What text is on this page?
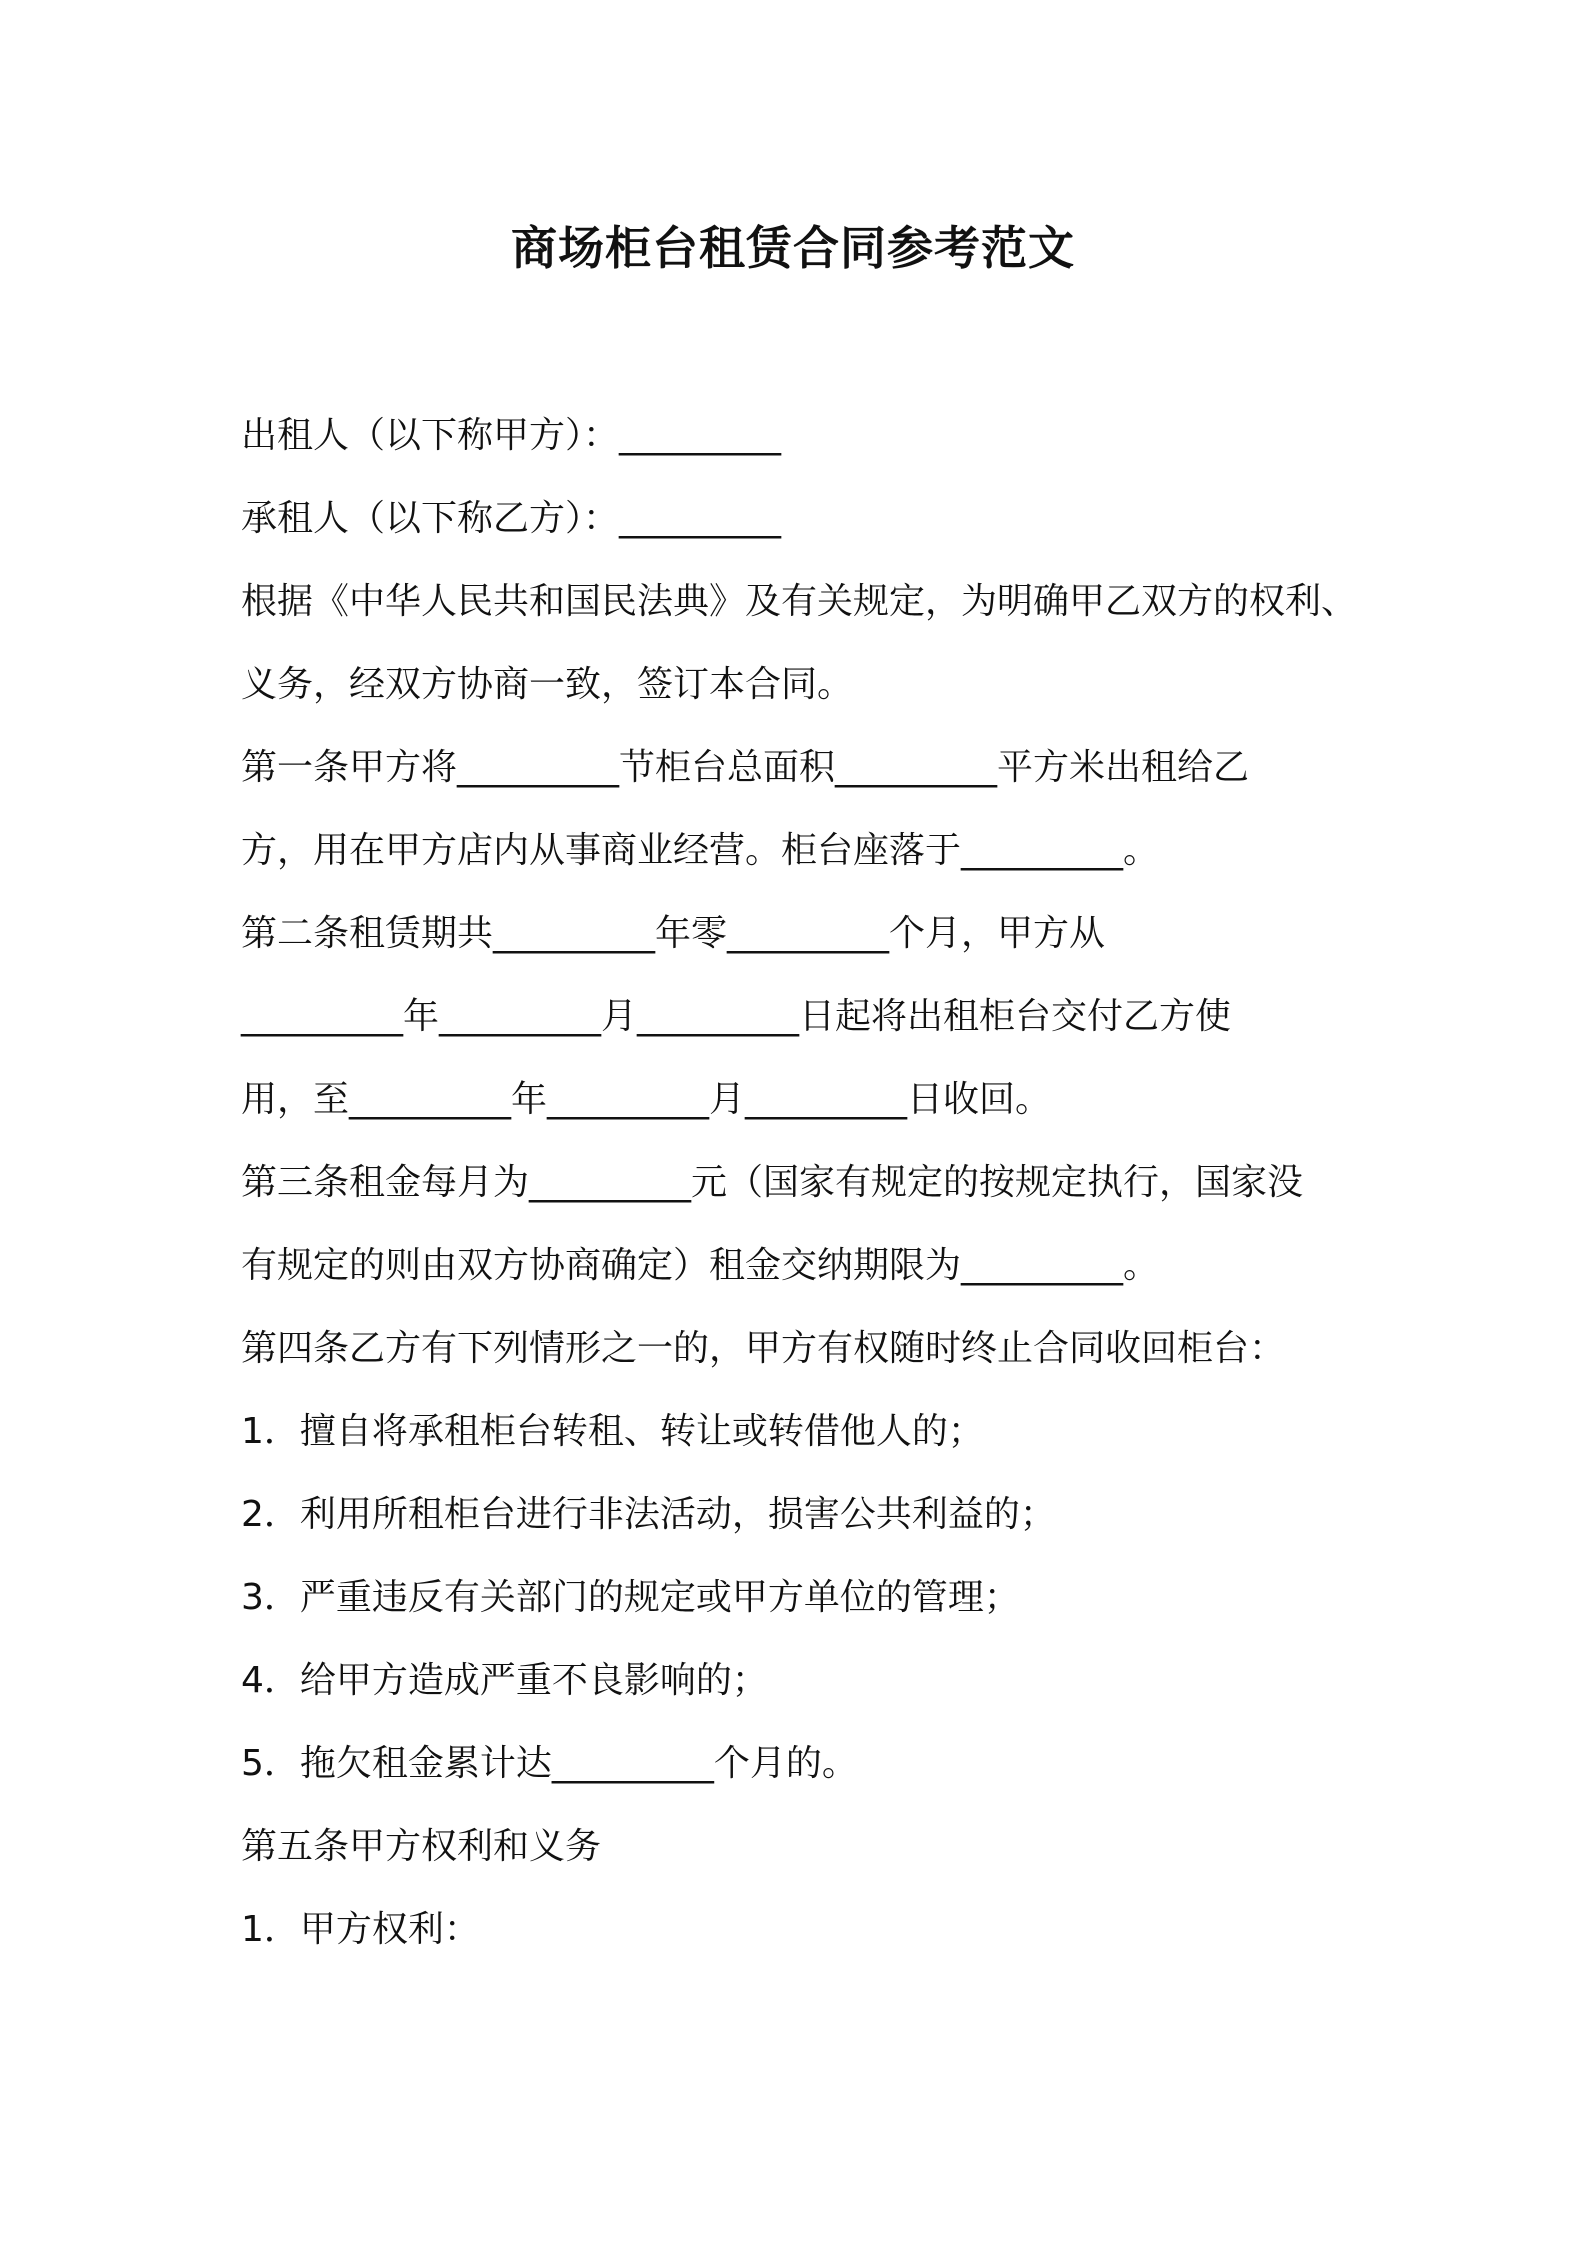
商场柜台租赁合同参考范文

出租人（以下称甲方）：_________

承租人（以下称乙方）：_________

根据《中华人民共和国民法典》及有关规定，为明确甲乙双方的权利、

义务，经双方协商一致，签订本合同。

第一条甲方将_________节柜台总面积_________平方米出租给乙

方，用在甲方店内从事商业经营。柜台座落于_________。

第二条租赁期共_________年零_________个月，甲方从

_________年_________月_________日起将出租柜台交付乙方使

用，至_________年_________月_________日收回。

第三条租金每月为_________元（国家有规定的按规定执行，国家没

有规定的则由双方协商确定）租金交纳期限为_________。

第四条乙方有下列情形之一的，甲方有权随时终止合同收回柜台：

1．擅自将承租柜台转租、转让或转借他人的；

2．利用所租柜台进行非法活动，损害公共利益的；

3．严重违反有关部门的规定或甲方单位的管理；

4．给甲方造成严重不良影响的；

5．拖欠租金累计达_________个月的。

第五条甲方权利和义务

1．甲方权利：
